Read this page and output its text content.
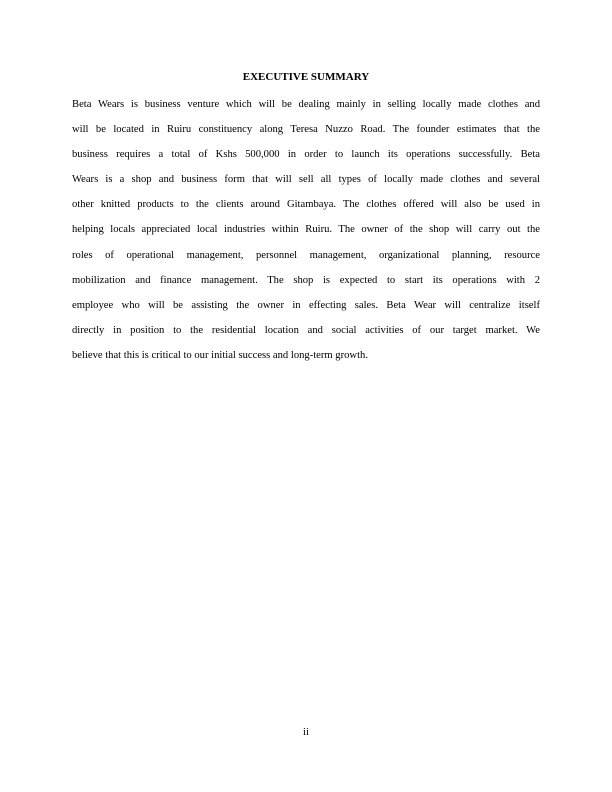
EXECUTIVE SUMMARY
Beta Wears is business venture which will be dealing mainly in selling locally made clothes and
will be located in Ruiru constituency along Teresa Nuzzo Road. The founder estimates that the
business requires a total of Kshs 500,000 in order to launch its operations successfully. Beta
Wears is a shop and business form that will sell all types of locally made clothes and several
other knitted products to the clients around Gitambaya. The clothes offered will also be used in
helping locals appreciated local industries within Ruiru. The owner of the shop will carry out the
roles of operational management, personnel management, organizational planning, resource
mobilization and finance management. The shop is expected to start its operations with 2
employee who will be assisting the owner in effecting sales. Beta Wear will centralize itself
directly in position to the residential location and social activities of our target market. We
believe that this is critical to our initial success and long-term growth.
ii
